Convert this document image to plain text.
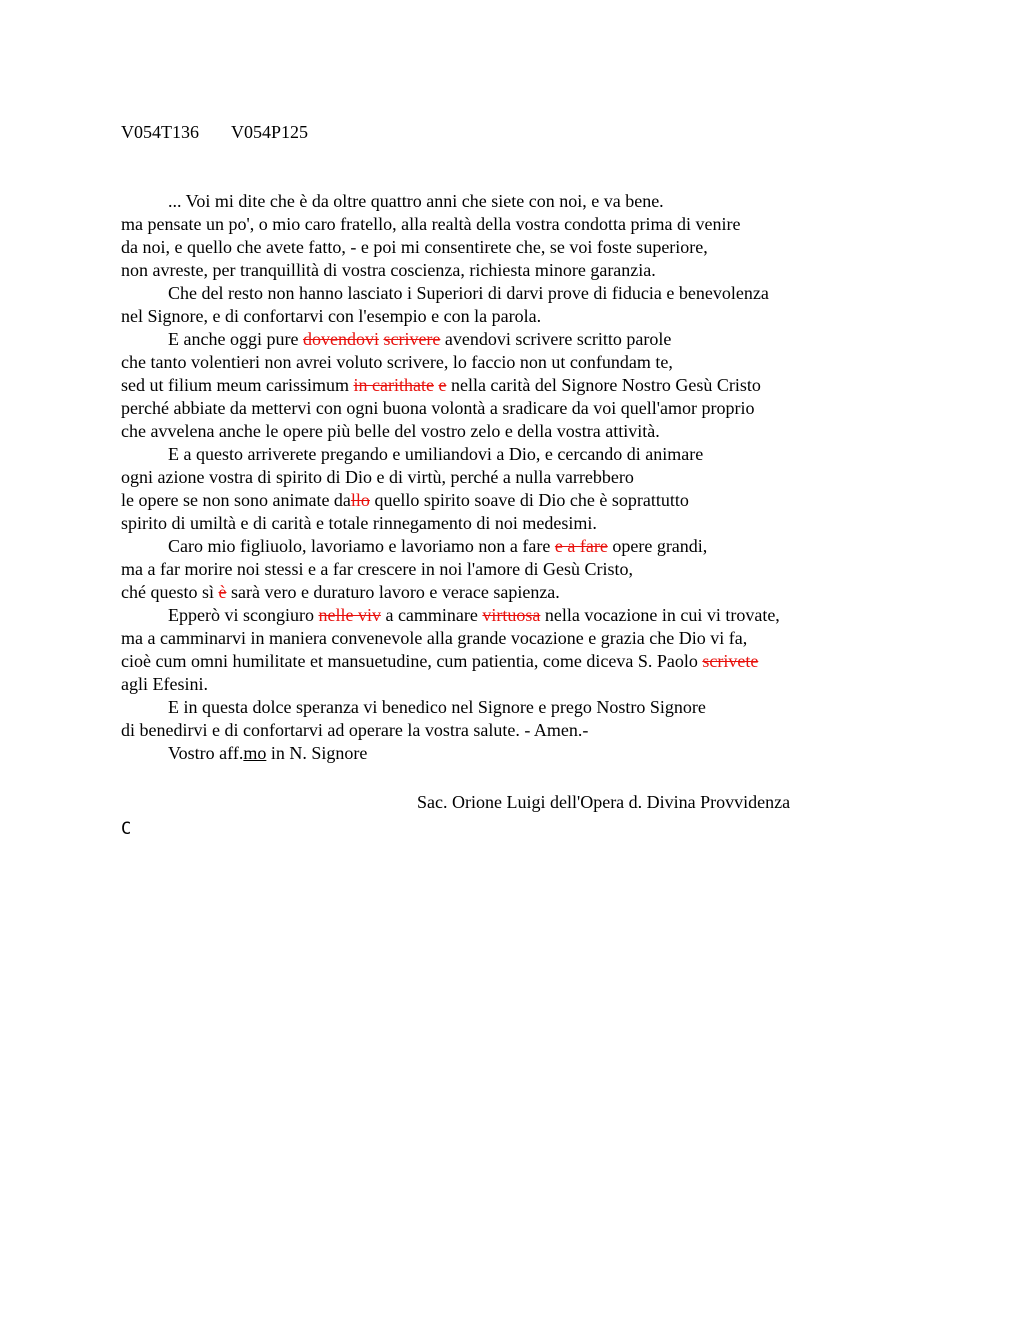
V054T136 V054P125
... Voi mi dite che è da oltre quattro anni che siete con noi, e va bene.
ma pensate un po', o mio caro fratello, alla realtà della vostra condotta prima di venire
da noi, e quello che avete fatto, - e poi mi consentirete che, se voi foste superiore,
non avreste, per tranquillità di vostra coscienza, richiesta minore garanzia.
Che del resto non hanno lasciato i Superiori di darvi prove di fiducia e benevolenza
nel Signore, e di confortarvi con l'esempio e con la parola.
E anche oggi pure dovendovi scrivere avendovi scrivere scritto parole
che tanto volentieri non avrei voluto scrivere, lo faccio non ut confundam te,
sed ut filium meum carissimum in carithate e nella carità del Signore Nostro Gesù Cristo
perché abbiate da mettervi con ogni buona volontà a sradicare da voi quell'amor proprio
che avvelena anche le opere più belle del vostro zelo e della vostra attività.
E a questo arriverete pregando e umiliandovi a Dio, e cercando di animare
ogni azione vostra di spirito di Dio e di virtù, perché a nulla varrebbero
le opere se non sono animate dallo quello spirito soave di Dio che è soprattutto
spirito di umiltà e di carità e totale rinnegamento di noi medesimi.
Caro mio figliuolo, lavoriamo e lavoriamo non a fare e a fare opere grandi,
ma a far morire noi stessi e a far crescere in noi l'amore di Gesù Cristo,
ché questo sì è sarà vero e duraturo lavoro e verace sapienza.
Epperò vi scongiuro nelle viv a camminare virtuosa nella vocazione in cui vi trovate,
ma a camminarvi in maniera convenevole alla grande vocazione e grazia che Dio vi fa,
cioè cum omni humilitate et mansuetudine, cum patientia, come diceva S. Paolo scrivete
agli Efesini.
E in questa dolce speranza vi benedico nel Signore e prego Nostro Signore
di benedirvi e di confortarvi ad operare la vostra salute. - Amen.-
Vostro aff.mo in N. Signore
Sac. Orione Luigi dell'Opera d. Divina Provvidenza
C
